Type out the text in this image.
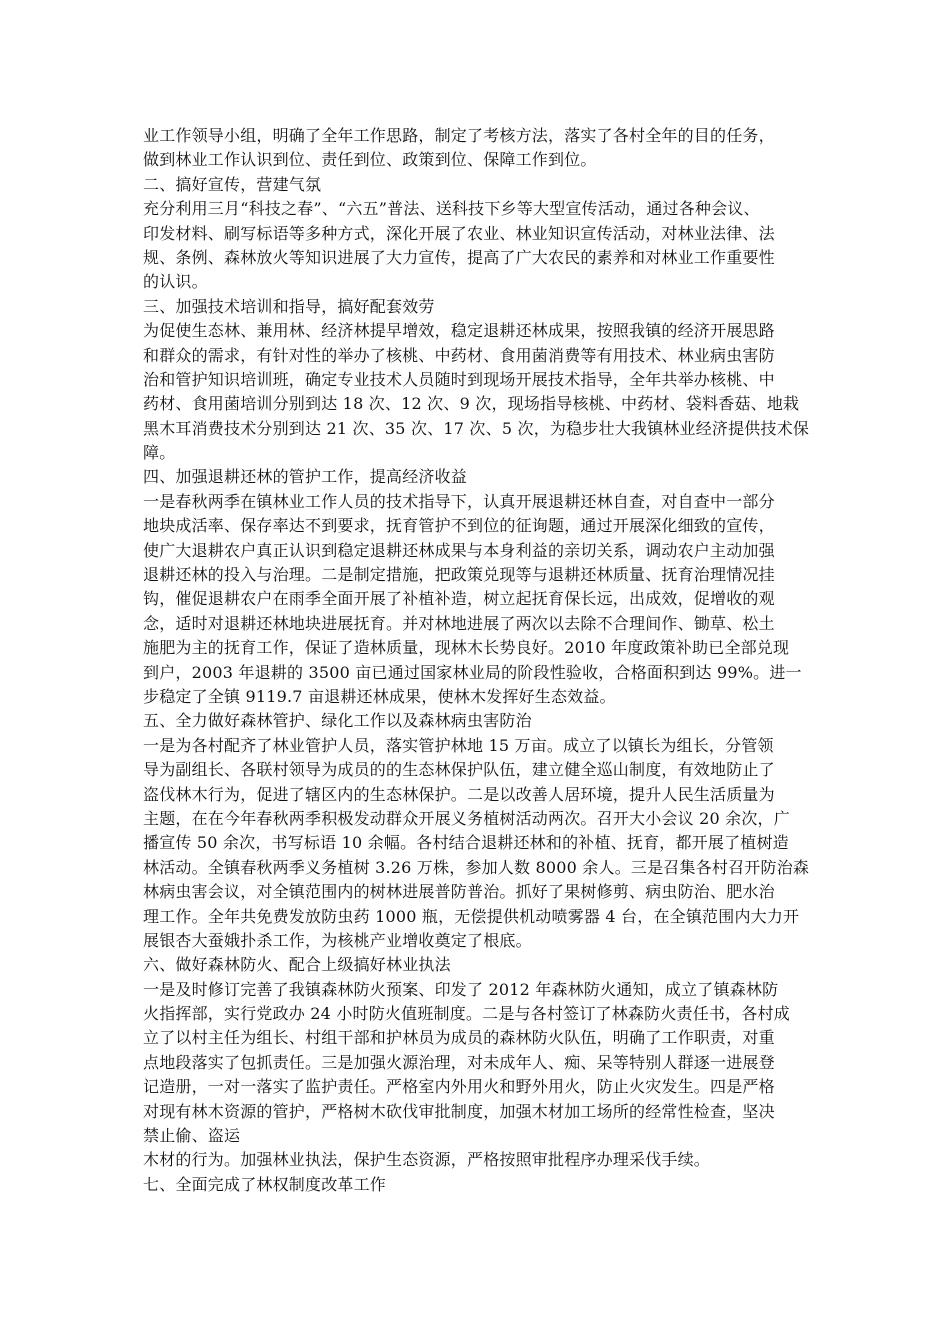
业工作领导小组，明确了全年工作思路，制定了考核方法，落实了各村全年的目的任务，
做到林业工作认识到位、责任到位、政策到位、保障工作到位。
二、搞好宣传，营建气氛
充分利用三月“科技之春”、“六五”普法、送科技下乡等大型宣传活动，通过各种会议、
印发材料、刷写标语等多种方式，深化开展了农业、林业知识宣传活动，对林业法律、法
规、条例、森林放火等知识进展了大力宣传，提高了广大农民的素养和对林业工作重要性
的认识。
三、加强技术培训和指导，搞好配套效劳
为促使生态林、兼用林、经济林提早增效，稳定退耕还林成果，按照我镇的经济开展思路
和群众的需求，有针对性的举办了核桃、中药材、食用菌消费等有用技术、林业病虫害防
治和管护知识培训班，确定专业技术人员随时到现场开展技术指导，全年共举办核桃、中
药材、食用菌培训分别到达 18 次、12 次、9 次，现场指导核桃、中药材、袋料香菇、地栽
黑木耳消费技术分别到达 21 次、35 次、17 次、5 次，为稳步壮大我镇林业经济提供技术保
障。
四、加强退耕还林的管护工作，提高经济收益
一是春秋两季在镇林业工作人员的技术指导下，认真开展退耕还林自查，对自查中一部分
地块成活率、保存率达不到要求，抚育管护不到位的征询题，通过开展深化细致的宣传，
使广大退耕农户真正认识到稳定退耕还林成果与本身利益的亲切关系，调动农户主动加强
退耕还林的投入与治理。二是制定措施，把政策兑现等与退耕还林质量、抚育治理情况挂
钩，催促退耕农户在雨季全面开展了补植补造，树立起抚育保长远，出成效，促增收的观
念，适时对退耕还林地块进展抚育。并对林地进展了两次以去除不合理间作、锄草、松土
施肥为主的抚育工作，保证了造林质量，现林木长势良好。2010 年度政策补助已全部兑现
到户，2003 年退耕的 3500 亩已通过国家林业局的阶段性验收，合格面积到达 99%。进一
步稳定了全镇 9119.7 亩退耕还林成果，使林木发挥好生态效益。
五、全力做好森林管护、绿化工作以及森林病虫害防治
一是为各村配齐了林业管护人员，落实管护林地 15 万亩。成立了以镇长为组长，分管领
导为副组长、各联村领导为成员的的生态林保护队伍，建立健全巡山制度，有效地防止了
盗伐林木行为，促进了辖区内的生态林保护。二是以改善人居环境，提升人民生活质量为
主题，在在今年春秋两季积极发动群众开展义务植树活动两次。召开大小会议 20 余次，广
播宣传 50 余次，书写标语 10 余幅。各村结合退耕还林和的补植、抚育，都开展了植树造
林活动。全镇春秋两季义务植树 3.26 万株，参加人数 8000 余人。三是召集各村召开防治森
林病虫害会议，对全镇范围内的树林进展普防普治。抓好了果树修剪、病虫防治、肥水治
理工作。全年共免费发放防虫药 1000 瓶，无偿提供机动喷雾器 4 台，在全镇范围内大力开
展银杏大蚕娥扑杀工作，为核桃产业增收奠定了根底。
六、做好森林防火、配合上级搞好林业执法
一是及时修订完善了我镇森林防火预案、印发了 2012 年森林防火通知，成立了镇森林防
火指挥部，实行党政办 24 小时防火值班制度。二是与各村签订了林森防火责任书，各村成
立了以村主任为组长、村组干部和护林员为成员的森林防火队伍，明确了工作职责，对重
点地段落实了包抓责任。三是加强火源治理，对未成年人、痴、呆等特别人群逐一进展登
记造册，一对一落实了监护责任。严格室内外用火和野外用火，防止火灾发生。四是严格
对现有林木资源的管护，严格树木砍伐审批制度，加强木材加工场所的经常性检查，坚决
禁止偷、盗运
木材的行为。加强林业执法，保护生态资源，严格按照审批程序办理采伐手续。
七、全面完成了林权制度改革工作
